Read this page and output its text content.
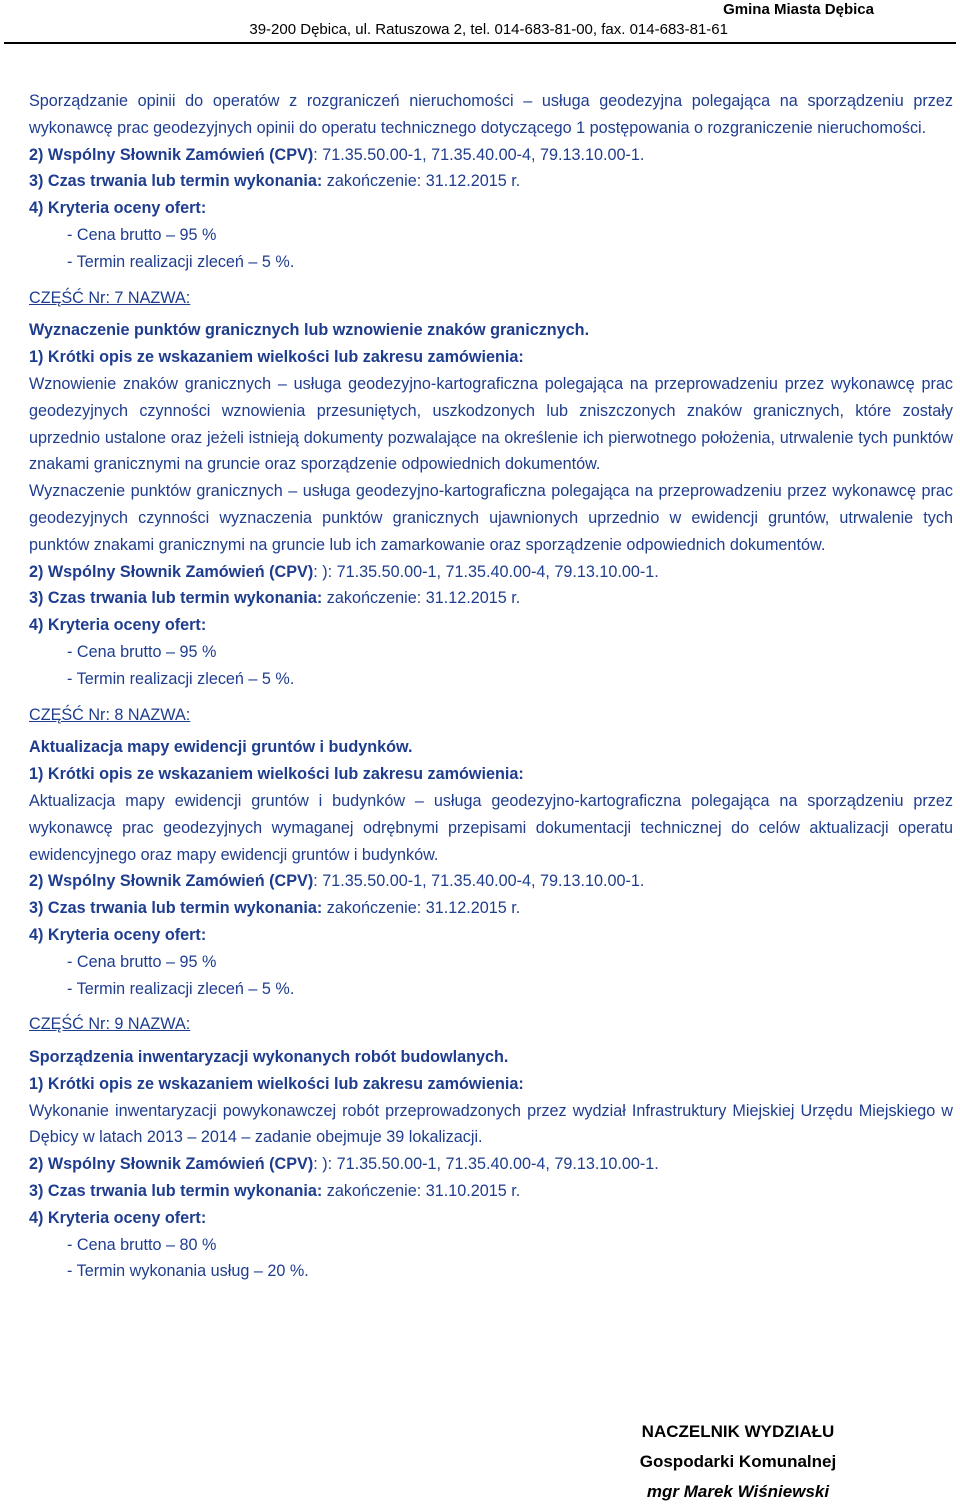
Gmina Miasta Dębica
39-200 Dębica, ul. Ratuszowa 2, tel. 014-683-81-00, fax. 014-683-81-61

Sporządzanie opinii do operatów z rozgraniczeń nieruchomości – usługa geodezyjna polegająca na sporządzeniu przez wykonawcę prac geodezyjnych opinii do operatu technicznego dotyczącego 1 postępowania o rozgraniczenie nieruchomości.

2) Wspólny Słownik Zamówień (CPV): 71.35.50.00-1, 71.35.40.00-4, 79.13.10.00-1.

3) Czas trwania lub termin wykonania: zakończenie: 31.12.2015 r.

4) Kryteria oceny ofert:

- Cena brutto – 95 %

- Termin realizacji zleceń – 5 %.

CZĘŚĆ Nr: 7 NAZWA:

Wyznaczenie punktów granicznych lub wznowienie znaków granicznych.

1) Krótki opis ze wskazaniem wielkości lub zakresu zamówienia:

Wznowienie znaków granicznych – usługa geodezyjno-kartograficzna polegająca na przeprowadzeniu przez wykonawcę prac geodezyjnych czynności wznowienia przesuniętych, uszkodzonych lub zniszczonych znaków granicznych, które zostały uprzednio ustalone oraz jeżeli istnieją dokumenty pozwalające na określenie ich pierwotnego położenia, utrwalenie tych punktów znakami granicznymi na gruncie oraz sporządzenie odpowiednich dokumentów.

Wyznaczenie punktów granicznych – usługa geodezyjno-kartograficzna polegająca na przeprowadzeniu przez wykonawcę prac geodezyjnych czynności wyznaczenia punktów granicznych ujawnionych uprzednio w ewidencji gruntów, utrwalenie tych punktów znakami granicznymi na gruncie lub ich zamarkowanie oraz sporządzenie odpowiednich dokumentów.

2) Wspólny Słownik Zamówień (CPV): ): 71.35.50.00-1, 71.35.40.00-4, 79.13.10.00-1.

3) Czas trwania lub termin wykonania: zakończenie: 31.12.2015 r.

4) Kryteria oceny ofert:

- Cena brutto – 95 %

- Termin realizacji zleceń – 5 %.

CZĘŚĆ Nr: 8 NAZWA:

Aktualizacja mapy ewidencji gruntów i budynków.

1) Krótki opis ze wskazaniem wielkości lub zakresu zamówienia:

Aktualizacja mapy ewidencji gruntów i budynków – usługa geodezyjno-kartograficzna polegająca na sporządzeniu przez wykonawcę prac geodezyjnych wymaganej odrębnymi przepisami dokumentacji technicznej do celów aktualizacji operatu ewidencyjnego oraz mapy ewidencji gruntów i budynków.

2) Wspólny Słownik Zamówień (CPV): 71.35.50.00-1, 71.35.40.00-4, 79.13.10.00-1.

3) Czas trwania lub termin wykonania: zakończenie: 31.12.2015 r.

4) Kryteria oceny ofert:

- Cena brutto – 95 %

- Termin realizacji zleceń – 5 %.

CZĘŚĆ Nr: 9 NAZWA:

Sporządzenia inwentaryzacji wykonanych robót budowlanych.

1) Krótki opis ze wskazaniem wielkości lub zakresu zamówienia:

Wykonanie inwentaryzacji powykonawczej robót przeprowadzonych przez wydział Infrastruktury Miejskiej Urzędu Miejskiego w Dębicy w latach 2013 – 2014 – zadanie obejmuje 39 lokalizacji.

2) Wspólny Słownik Zamówień (CPV): ): 71.35.50.00-1, 71.35.40.00-4, 79.13.10.00-1.

3) Czas trwania lub termin wykonania: zakończenie: 31.10.2015 r.

4) Kryteria oceny ofert:

- Cena brutto – 80 %

- Termin wykonania usług – 20 %.

NACZELNIK WYDZIAŁU
Gospodarki Komunalnej
mgr Marek Wiśniewski
